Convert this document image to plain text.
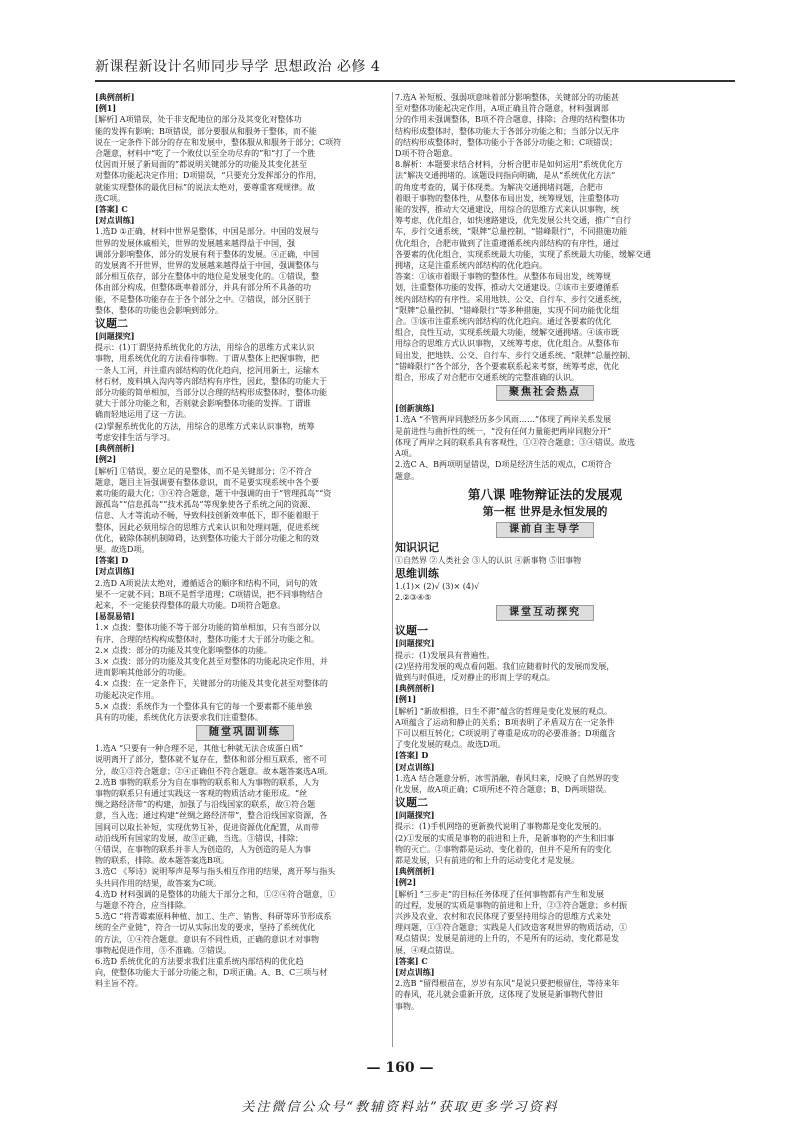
新课程新设计名师同步导学 思想政治 必修 4
[典例剖析]
[例1]
[解析] A项错误，处于非支配地位的部分及其变化对整体功
能的发挥有影响；B项错误，部分要服从和服务于整体，而不能
说在一定条件下部分的存在和发展中，整体服从和服务于部分；C项符
合题意，材料中“吃了一个败仗以至全功尽弃的”和“打了一个胜
仗因而开展了新局面的”都说明关键部分的功能及其变化甚至
对整体功能起决定作用；D项错误，“只要充分发挥部分的作用，
就能实现整体的最优目标”的说法太绝对，要尊重客观规律。故
选C项。
[答案] C
[对点训练]
1.选D ①正确，材料中世界是整体，中国是部分。中国的发展与
世界的发展休戚相关，世界的发展越来越得益于中国，强
调部分影响整体，部分的发展有利于整体的发展。④正确，中国
的发展离不开世界，世界的发展越来越得益于中国，强调整体与
部分相互依存，部分在整体中的地位是发展变化的。①错误，整
体由部分构成，但整体既率着部分，并具有部分所不具备的功
能，不是整体功能存在于各个部分之中。②错误，部分区别于
整体，整体的功能也会影响到部分。
议题二
[问题探究]
提示：(1)丁谓坚持系统优化的方法，用综合的思维方式来认识
事物，用系统优化的方法看待事物。丁谓从整体上把握事物，把
一条人工河，并注重内部结构的优化趋向，挖河用新土，运输木
材石材，废料填入沟内等内部结构有序性，因此，整体的功能大于
部分功能的简单相加，当部分以合理的结构形成整体时，整体功能
就大于部分功能之和，否则就会影响整体功能的发挥。丁谓谁
确而轻地运用了这一方法。
(2)掌握系统优化的方法，用综合的思维方式来认识事物，统筹
考虑安排生活与学习。
[典例剖析]
[例2]
[解析] ①错误，要立足的是整体，而不是关键部分；②不符合
题意，题目主旨强调要有整体意识，而不是要实现系统中各个要
素功能的最大化；③④符合题意，题干中强调的由于“管理孤岛”“资
源孤岛”“信息孤岛”“技术孤岛”等现象使各子系统之间的资源、
信息、人才等流动不畅，导致科技创新效率低下，即不能着眼于
整体，因此必须用综合的思维方式来认识和处理问题，促进系统
优化，破除体制机制障碍，达到整体功能大于部分功能之和的效
果。故选D项。
[答案] D
[对点训练]
2.选D A项说法太绝对，遵循适合的顺序和结构不同，词句的效
果不一定就不同；B项不是哲学道理；C项错误，把不同事物结合
起来，不一定能获得整体的最大功能。D项符合题意。
[易混易错]
1.× 点拨：整体功能不等于部分功能的简单相加，只有当部分以
有序、合理的结构构成整体时，整体功能才大于部分功能之和。
2.× 点拨：部分的功能及其变化影响整体的功能。
3.× 点拨：部分的功能及其变化甚至对整体的功能起决定作用，并
进而影响其他部分的功能。
4.× 点拨：在一定条件下，关键部分的功能及其变化甚至对整体的
功能起决定作用。
5.× 点拨：系统作为一个整体具有它的每一个要素都不能单独
具有的功能，系统优化方法要求我们注重整体。
随堂巩固训练
1.选A “只要有一种合理不足，其他七种就无法合成蛋白质”
说明离开了部分，整体就不复存在，整体和部分相互联系，密不可
分，故①③符合题意；②④正确但不符合题意。故本题答案选A项。
2.选B 事物的联系分为自在事物的联系和人为事物的联系，人为
事物的联系只有通过实践这一客观的物质活动才能形成。“丝
绸之路经济带”的构建，加强了与沿线国家的联系，故①符合题
意，当入选；通过构建“丝绸之路经济带”，整合沿线国家资源，各
国间可以取长补短，实现优势互补，促进资源优化配置，从而带
动沿线所有国家的发展，故③正确，当选。③错误，排除；
④错误，在事物的联系并非人为创造的，人为创造的是人为事
物的联系，排除。故本题答案选B项。
3.选C 《琴诗》说明琴声是琴与指头相互作用的结果，离开琴与指头
头共同作用的结果，故答案为C项。
4.选D 材料强调的是整体的功能大于部分之和，①②④符合题意，①
与题意不符合，应当排除。
5.选C “将青霉素原料种植、加工、生产、销售、科研等环节形成系
统的全产业链”，符合一切从实际出发的要求，坚持了系统优化
的方法，①④符合题意。意识有不同性质，正确的意识才对事物
事物起促进作用，③不准确。②错误。
6.选D 系统优化的方法要求我们注重系统内部结构的优化趋
向，使整体功能大于部分功能之和，D项正确。A、B、C三项与材
料主旨不符。
7.选A 补短板、强弱项意味着部分影响整体，关键部分的功能甚
至对整体功能起决定作用，A项正确且符合题意，材料强调部
分的作用未强调整体，B项不符合题意，排除；合理的结构整体功
结构形成整体时，整体功能大于各部分功能之和；当部分以无序
的结构形成整体时，整体功能小于各部分功能之和；C项错误；
D项不符合题意。
8.解析：本题要求结合材料，分析合肥市是如何运用“系统优化方
法”解决交通拥堵的。该题设问指向明确，是从“系统优化方法”
的角度考查的，属于体现类。为解决交通拥堵问题，合肥市
着眼于事物的整体性，从整体布局出发，统筹规划，注重整体功
能的发挥，推动大交通建设，用综合的思维方式来认识事物，统
筹考虑，优化组合，如快速路建设，优先发展公共交通，推广“自行
车，步行交通系统，“限牌”总量控制、“错峰限行”，不同措施功能
优化组合，合肥市做到了注重遵循系统内部结构的有序性，通过
各要素的优化组合，实现系统最大功能，实现了系统最大功能，缓解交通
拥堵，这是注重系统内部结构的优化趋向。
答案：①该市着眼于事物的整体性。从整体布局出发，统筹规
划，注重整体功能的发挥，推动大交通建设。②该市主要遵循系
统内部结构的有序性。采用地铁、公交、自行车、步行交通系统，
“限牌”总量控制、“错峰限行”等多种措施，实现不同功能优化组
合。③该市注重系统内部结构的优化趋向。通过各要素的优化
组合，良性互动，实现系统最大功能，缓解交通拥堵。④该市既
用综合的思维方式认识事物，又统筹考虑，优化组合。从整体布
局出发，把地铁、公交、自行车、步行交通系统、“限牌”总量控制、
“错峰限行”各个部分，各个要素联系起来考察，统筹考虑，优化
组合，形成了对合肥市交通系统的完整准确的认识。
聚焦社会热点
[创新演练]
1.选A “不管两岸同胞经历多少风雨……”体现了两岸关系发展
是前进性与曲折性的统一，“没有任何力量能把两岸同胞分开”
体现了两岸之间的联系具有客观性，①②符合题意；③④错误。故选
A项。
2.选C A、B两项明显错误，D项是经济生活的观点，C项符合
题意。
第八课 唯物辩证法的发展观
第一框 世界是永恒发展的
课前自主导学
知识识记
①自然界 ②人类社会 ③人的认识 ④新事物 ⑤旧事物
思维训练
1.(1)× (2)√ (3)× (4)√
2.②③④⑤
课堂互动探究
议题一
[问题探究]
提示：(1)发展具有普遍性。
(2)坚持用发展的观点看问题。我们应随着时代的发展而发展，
做到与时俱进，反对静止的形而上学的观点。
[典例剖析]
[例1]
[解析] “新故相推，日生不滞”蕴含的哲理是变化发展的观点。
A项蕴含了运动和静止的关系；B项表明了矛盾双方在一定条件
下可以相互转化；C项说明了尊重是成功的必要准备；D项蕴含
了变化发展的观点。故选D项。
[答案] D
[对点训练]
1.选A 结合题意分析，冰雪消融，春风归来，反映了自然界的变
化发展，故A项正确；C项所述不符合题意；B、D两项错误。
议题二
[问题探究]
提示：(1)手机网络的更新换代说明了事物都是变化发展的。
(2)①发展的实质是事物的前进和上升，是新事物的产生和旧事
物的灭亡。②事物都是运动、变化着的，但并不是所有的变化
都是发展，只有前进的和上升的运动变化才是发展。
[典例剖析]
[例2]
[解析] “三步走”的目标任务体现了任何事物都有产生和发展
的过程，发展的实质是事物的前进和上升，②③符合题意；乡村振
兴涉及农业、农村和农民体现了要坚持用综合的思维方式来处
理问题，①③符合题意；实践是人们改造客观世界的物质活动，①
观点错误；发展是前进的上升的，不是所有的运动、变化都是发
展，④观点错误。
[答案] C
[对点训练]
2.选B “留得根苗在，岁岁有东风”是说只要把根留住，等待来年
的春风，花儿就会重新开放，这体现了发展是新事物代替旧
事物。
— 160 —
关注微信公众号“教辅资料站”获取更多学习资料
